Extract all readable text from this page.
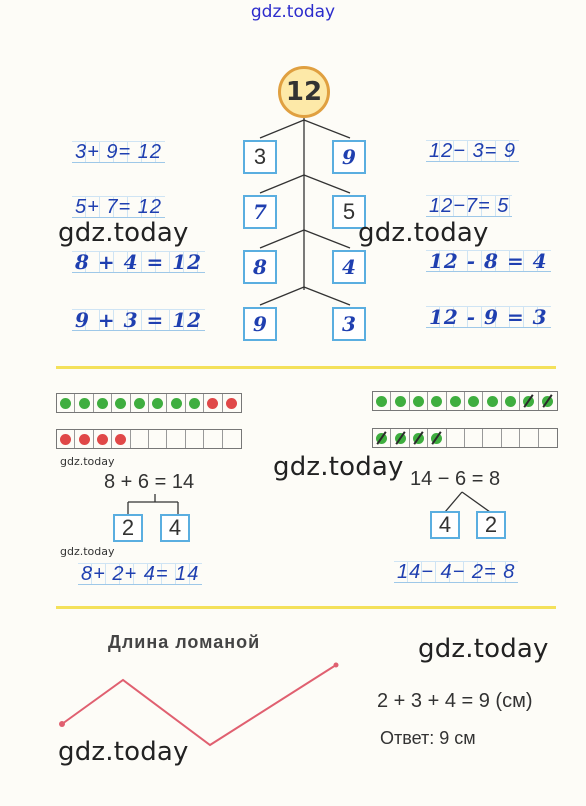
gdz.today
12
3
7
8
9
9
5
4
3
3+ 9= 12
5+ 7= 12
8 + 4 = 12
9 + 3 = 12
12− 3= 9
12−7= 5
12 - 8 = 4
12 - 9 = 3
gdz.today	gdz.today
gdz.today	gdz.today
8 + 6 = 14	14 − 6 = 8
2	4	4	2
gdz.today
8+ 2+ 4= 14	14− 4− 2= 8
Длина ломаной	gdz.today
2 + 3 + 4 = 9 (см)
Ответ: 9 см
gdz.today
